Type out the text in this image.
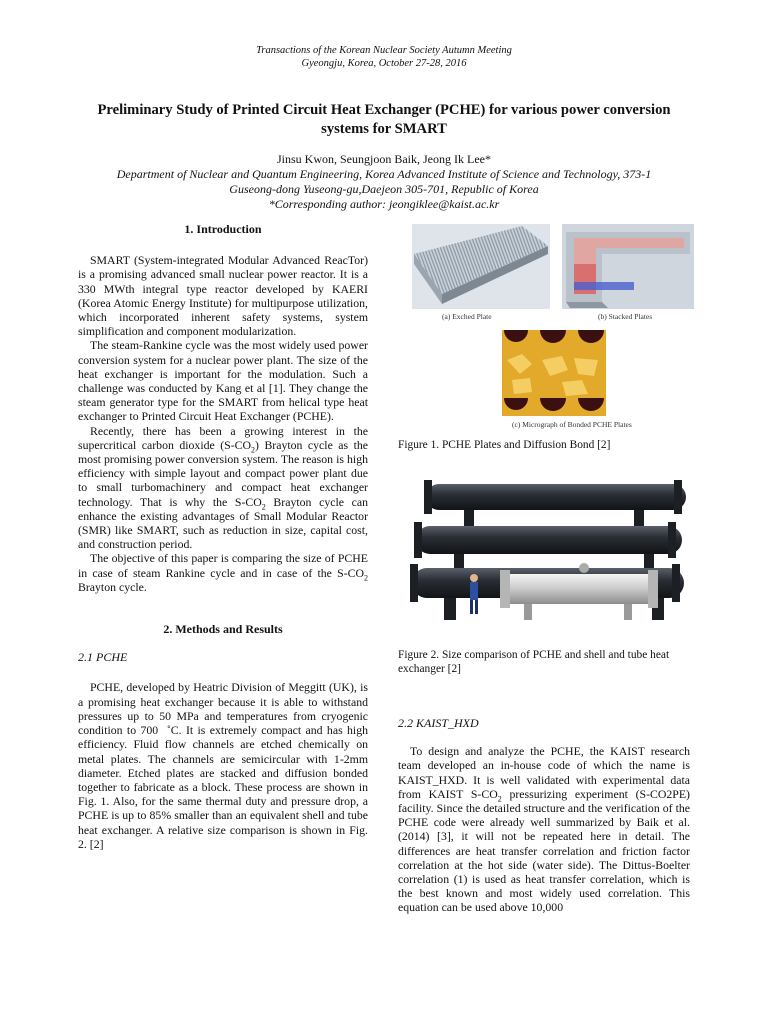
Transactions of the Korean Nuclear Society Autumn Meeting
Gyeongju, Korea, October 27-28, 2016
Preliminary Study of Printed Circuit Heat Exchanger (PCHE) for various power conversion
systems for SMART
Jinsu Kwon, Seungjoon Baik, Jeong Ik Lee*
Department of Nuclear and Quantum Engineering, Korea Advanced Institute of Science and Technology, 373-1
Guseong-dong Yuseong-gu,Daejeon 305-701, Republic of Korea
*Corresponding author: jeongiklee@kaist.ac.kr
1. Introduction

SMART (System-integrated Modular Advanced ReacTor) is a promising advanced small nuclear power reactor. It is a 330 MWth integral type reactor developed by KAERI (Korea Atomic Energy Institute) for multipurpose utilization, which incorporated inherent safety systems, system simplification and component modularization.

The steam-Rankine cycle was the most widely used power conversion system for a nuclear power plant. The size of the heat exchanger is important for the modulation. Such a challenge was conducted by Kang et al [1]. They change the steam generator type for the SMART from helical type heat exchanger to Printed Circuit Heat Exchanger (PCHE).

Recently, there has been a growing interest in the supercritical carbon dioxide $(S-CO_2)$ Brayton cycle as the most promising power conversion system. The reason is high efficiency with simple layout and compact power plant due to small turbomachinery and compact heat exchanger technology. That is why the $S-CO_2$ Brayton cycle can enhance the existing advantages of Small Modular Reactor (SMR) like SMART, such as reduction in size, capital cost, and construction period.

The objective of this paper is comparing the size of PCHE in case of steam Rankine cycle and in case of the $S-CO_2$ Brayton cycle.

2. Methods and Results
2.1 PCHE

PCHE, developed by Heatric Division of Meggitt (UK), is a promising heat exchanger because it is able to withstand pressures up to 50 MPa and temperatures from cryogenic condition to 700  ˚C. It is extremely compact and has high efficiency. Fluid flow channels are etched chemically on metal plates. The channels are semicircular with 1-2mm diameter. Etched plates are stacked and diffusion bonded together to fabricate as a block. These process are shown in Fig. 1. Also, for the same thermal duty and pressure drop, a PCHE is up to 85% smaller than an equivalent shell and tube heat exchanger. A relative size comparison is shown in Fig. 2. [2]

(a) Exched Plate	(b) Stacked Plates
(c) Micrograph of Bonded PCHE Plates
Figure 1. PCHE Plates and Diffusion Bond [2]
Figure 2. Size comparison of PCHE and shell and tube heat exchanger [2]
2.2 KAIST_HXD

To design and analyze the PCHE, the KAIST research team developed an in-house code of which the name is KAIST_HXD. It is well validated with experimental data from KAIST $S-CO_2$ pressurizing experiment (S-CO2PE) facility. Since the detailed structure and the verification of the PCHE code were already well summarized by Baik et al. (2014) [3], it will not be repeated here in detail. The differences are heat transfer correlation and friction factor correlation at the hot side (water side). The Dittus-Boelter correlation (1) is used as heat transfer correlation, which is the best known and most widely used correlation. This equation can be used above 10,000
